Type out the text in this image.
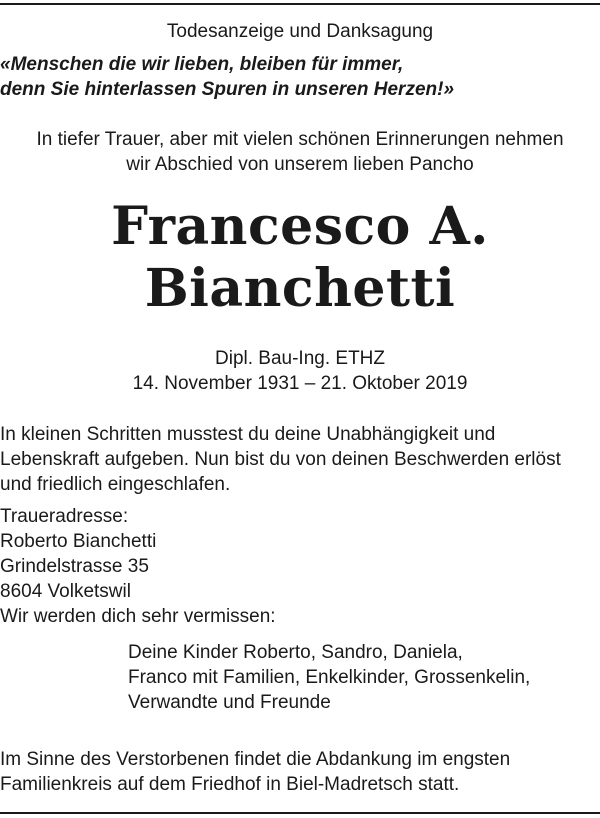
Todesanzeige und Danksagung
«Menschen die wir lieben, bleiben für immer,
denn Sie hinterlassen Spuren in unseren Herzen!»
In tiefer Trauer, aber mit vielen schönen Erinnerungen nehmen
wir Abschied von unserem lieben Pancho
Francesco A.
Bianchetti
Dipl. Bau-Ing. ETHZ
14. November 1931 – 21. Oktober 2019
In kleinen Schritten musstest du deine Unabhängigkeit und
Lebenskraft aufgeben. Nun bist du von deinen Beschwerden erlöst
und friedlich eingeschlafen.
Traueradresse:
Roberto Bianchetti
Grindelstrasse 35
8604 Volketswil
Wir werden dich sehr vermissen:
Deine Kinder Roberto, Sandro, Daniela,
Franco mit Familien, Enkelkinder, Grossenkelin,
Verwandte und Freunde
Im Sinne des Verstorbenen findet die Abdankung im engsten
Familienkreis auf dem Friedhof in Biel-Madretsch statt.
